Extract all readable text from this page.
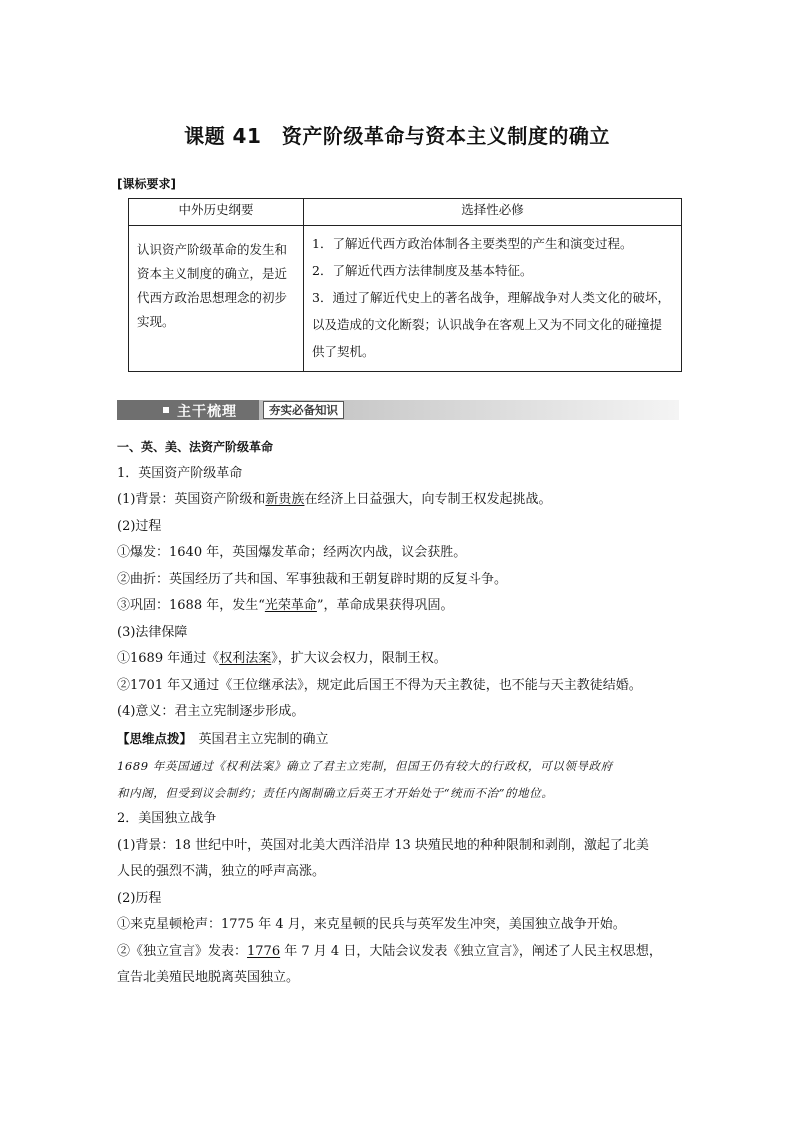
课题 41　资产阶级革命与资本主义制度的确立
[课标要求]
中外历史纲要	选择性必修
认识资产阶级革命的发生和资本主义制度的确立，是近代西方政治思想理念的初步实现。	1．了解近代西方政治体制各主要类型的产生和演变过程。
2．了解近代西方法律制度及基本特征。
3．通过了解近代史上的著名战争，理解战争对人类文化的破坏，以及造成的文化断裂；认识战争在客观上又为不同文化的碰撞提供了契机。
主干梳理	夯实必备知识

一、英、美、法资产阶级革命

1．英国资产阶级革命

(1)背景：英国资产阶级和新贵族在经济上日益强大，向专制王权发起挑战。

(2)过程

①爆发：1640 年，英国爆发革命；经两次内战，议会获胜。

②曲折：英国经历了共和国、军事独裁和王朝复辟时期的反复斗争。

③巩固：1688 年，发生“光荣革命”，革命成果获得巩固。

(3)法律保障

①1689 年通过《权利法案》，扩大议会权力，限制王权。

②1701 年又通过《王位继承法》，规定此后国王不得为天主教徒，也不能与天主教徒结婚。

(4)意义：君主立宪制逐步形成。

【思维点拨】  英国君主立宪制的确立

1689 年英国通过《权利法案》确立了君主立宪制，但国王仍有较大的行政权，可以领导政府

和内阁，但受到议会制约；责任内阁制确立后英王才开始处于“统而不治”的地位。

2．美国独立战争

(1)背景：18 世纪中叶，英国对北美大西洋沿岸 13 块殖民地的种种限制和剥削，激起了北美

人民的强烈不满，独立的呼声高涨。

(2)历程

①来克星顿枪声：1775 年 4 月，来克星顿的民兵与英军发生冲突，美国独立战争开始。

②《独立宣言》发表：1776 年 7 月 4 日，大陆会议发表《独立宣言》，阐述了人民主权思想，

宣告北美殖民地脱离英国独立。
